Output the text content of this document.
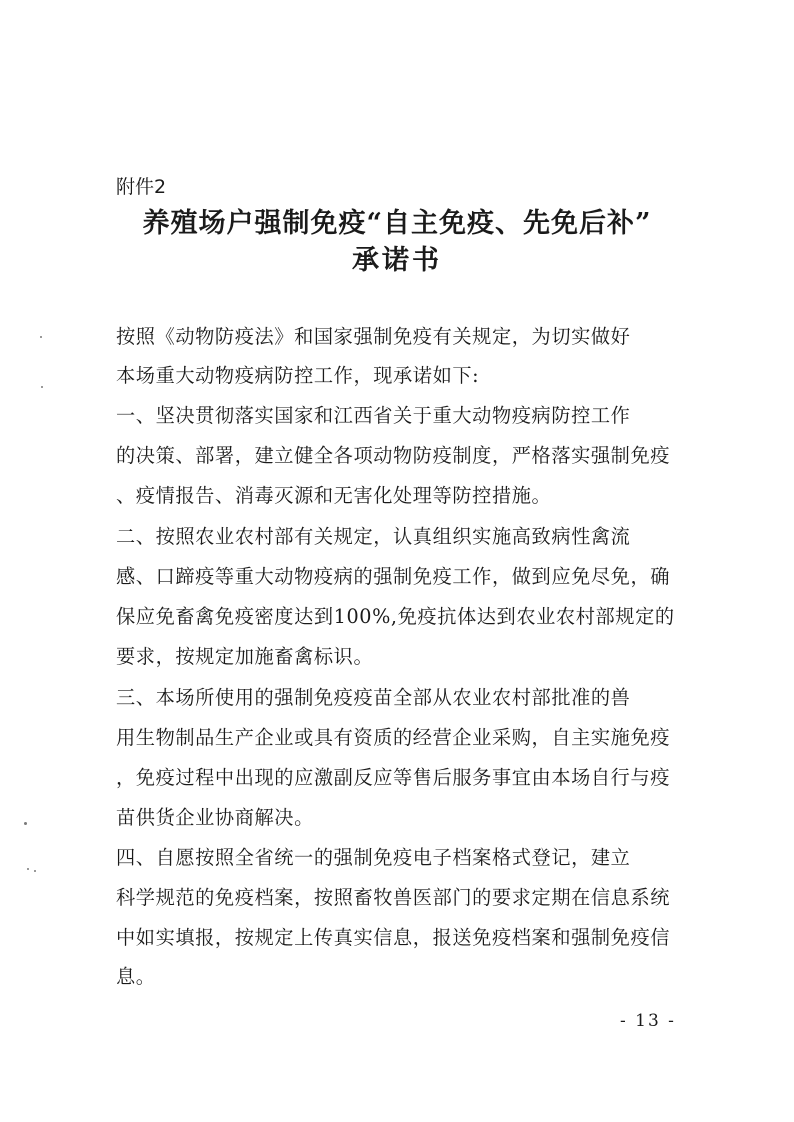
附件2
养殖场户强制免疫“自主免疫、先免后补”
承诺书
按照《动物防疫法》和国家强制免疫有关规定，为切实做好
本场重大动物疫病防控工作，现承诺如下:
一、坚决贯彻落实国家和江西省关于重大动物疫病防控工作
的决策、部署，建立健全各项动物防疫制度，严格落实强制免疫
、疫情报告、消毒灭源和无害化处理等防控措施。
二、按照农业农村部有关规定，认真组织实施高致病性禽流
感、口蹄疫等重大动物疫病的强制免疫工作，做到应免尽免，确
保应免畜禽免疫密度达到100%,免疫抗体达到农业农村部规定的
要求，按规定加施畜禽标识。
三、本场所使用的强制免疫疫苗全部从农业农村部批准的兽
用生物制品生产企业或具有资质的经营企业采购，自主实施免疫
，免疫过程中出现的应激副反应等售后服务事宜由本场自行与疫
苗供货企业协商解决。
四、自愿按照全省统一的强制免疫电子档案格式登记，建立
科学规范的免疫档案，按照畜牧兽医部门的要求定期在信息系统
中如实填报，按规定上传真实信息，报送免疫档案和强制免疫信
息。
- 13 -
